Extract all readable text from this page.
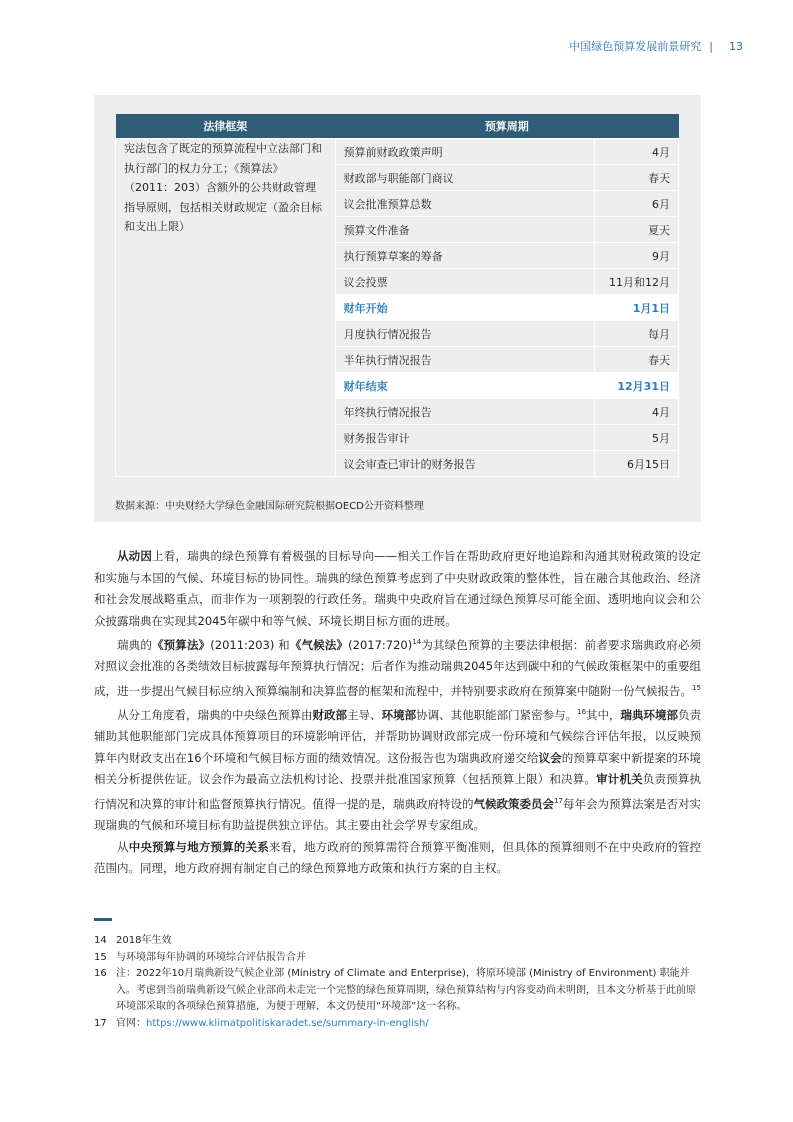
中国绿色预算发展前景研究 | 13
法律框架	预算周期	
宪法包含了既定的预算流程中立法部门和执行部门的权力分工；《预算法》（2011：203）含额外的公共财政管理指导原则，包括相关财政规定（盈余目标和支出上限）	预算前财政政策声明	4月
	财政部与职能部门商议	春天
	议会批准预算总数	6月
	预算文件准备	夏天
	执行预算草案的筹备	9月
	议会投票	11月和12月
	财年开始	1月1日
	月度执行情况报告	每月
	半年执行情况报告	春天
	财年结束	12月31日
	年终执行情况报告	4月
	财务报告审计	5月
	议会审查已审计的财务报告	6月15日
数据来源：中央财经大学绿色金融国际研究院根据OECD公开资料整理

从动因上看，瑞典的绿色预算有着极强的目标导向——相关工作旨在帮助政府更好地追踪和沟通其财税政策的设定和实施与本国的气候、环境目标的协同性。瑞典的绿色预算考虑到了中央财政政策的整体性，旨在融合其他政治、经济和社会发展战略重点，而非作为一项割裂的行政任务。瑞典中央政府旨在通过绿色预算尽可能全面、透明地向议会和公众披露瑞典在实现其2045年碳中和等气候、环境长期目标方面的进展。

瑞典的《预算法》(2011:203) 和《气候法》(2017:720)$^{14}$为其绿色预算的主要法律根据：前者要求瑞典政府必须对照议会批准的各类绩效目标披露每年预算执行情况；后者作为推动瑞典2045年达到碳中和的气候政策框架中的重要组成，进一步提出气候目标应纳入预算编制和决算监督的框架和流程中，并特别要求政府在预算案中随附一份气候报告。$^{15}$

从分工角度看，瑞典的中央绿色预算由财政部主导、环境部协调、其他职能部门紧密参与。$^{16}$其中，瑞典环境部负责辅助其他职能部门完成具体预算项目的环境影响评估，并帮助协调财政部完成一份环境和气候综合评估年报，以反映预算年内财政支出在16个环境和气候目标方面的绩效情况。这份报告也为瑞典政府递交给议会的预算草案中新提案的环境相关分析提供佐证。议会作为最高立法机构讨论、投票并批准国家预算（包括预算上限）和决算。审计机关负责预算执行情况和决算的审计和监督预算执行情况。值得一提的是，瑞典政府特设的气候政策委员会$^{17}$每年会为预算法案是否对实现瑞典的气候和环境目标有助益提供独立评估。其主要由社会学界专家组成。

从中央预算与地方预算的关系来看，地方政府的预算需符合预算平衡准则，但具体的预算细则不在中央政府的管控范围内。同理，地方政府拥有制定自己的绿色预算地方政策和执行方案的自主权。

14 2018年生效
15 与环境部每年协调的环境综合评估报告合并
16 注：2022年10月瑞典新设气候企业部 (Ministry of Climate and Enterprise)，将原环境部 (Ministry of Environment) 职能并入。考虑到当前瑞典新设气候企业部尚未走完一个完整的绿色预算周期，绿色预算结构与内容变动尚未明朗，且本文分析基于此前原环境部采取的各项绿色预算措施，为便于理解，本文仍使用“环境部”这一名称。
17 官网：https://www.klimatpolitiskaradet.se/summary-in-english/
